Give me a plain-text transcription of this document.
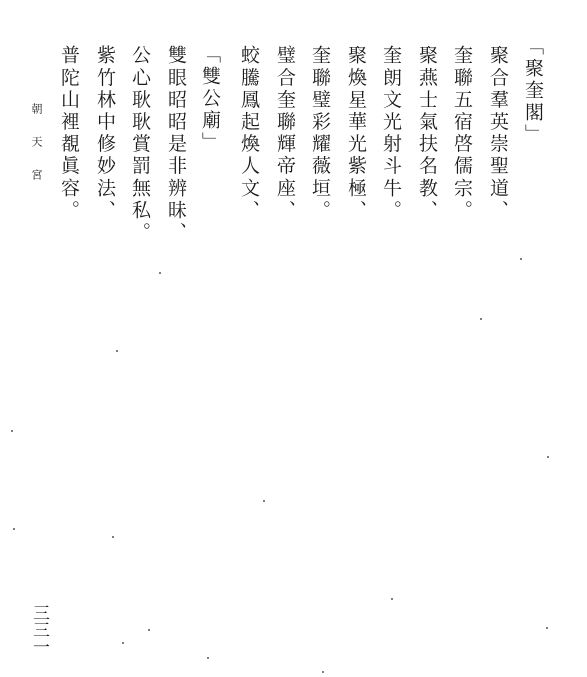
「聚奎閣」
聚合羣英崇聖道、
奎聯五宿啓儒宗。
聚燕士氣扶名教、
奎朗文光射斗牛。
聚煥星華光紫極、
奎聯璧彩耀薇垣。
璧合奎聯輝帝座、
蛟騰鳳起煥人文、
「雙公廟」
雙眼昭昭是非辨昧、
公心耿耿賞罰無私。
紫竹林中修妙法、
普陀山裡覩眞容。
朝天宮
三三一
